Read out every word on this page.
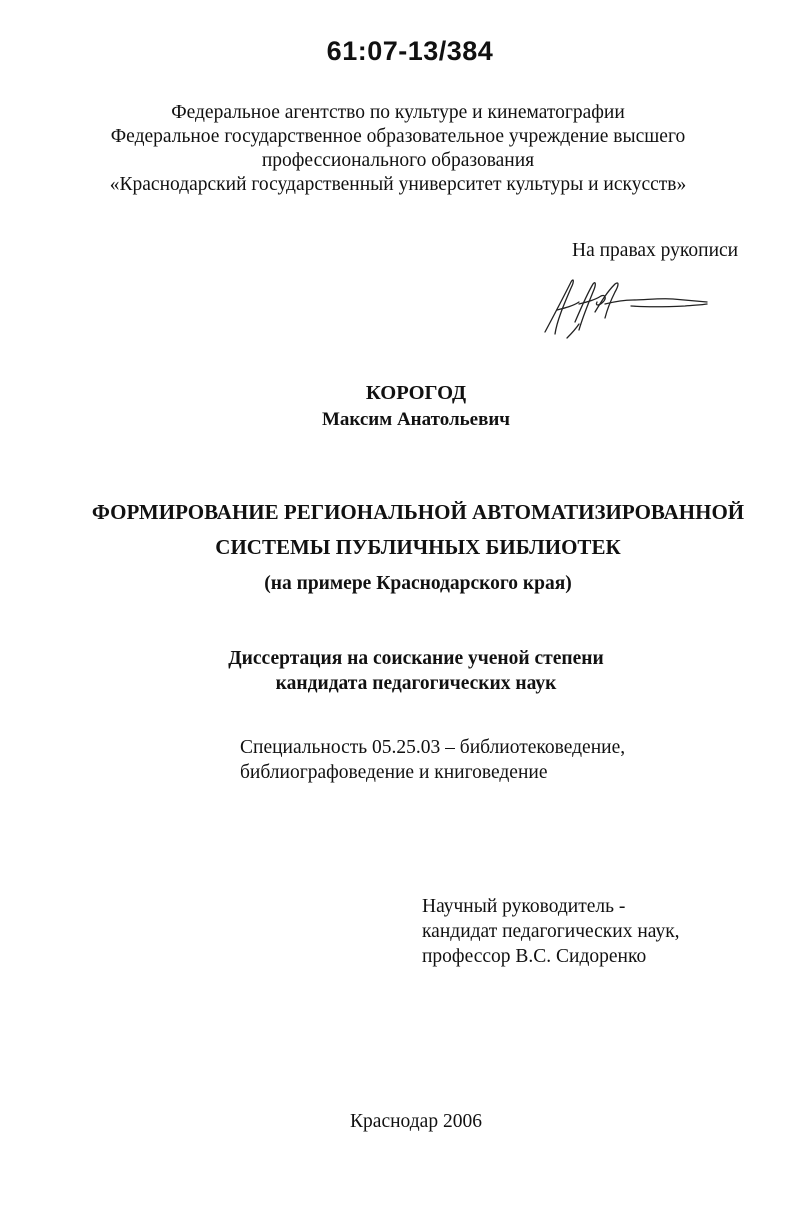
61:07-13/384

Федеральное агентство по культуре и кинематографии

Федеральное государственное образовательное учреждение высшего

профессионального образования

«Краснодарский государственный университет культуры и искусств»

На правах рукописи

КОРОГОД

Максим Анатольевич

ФОРМИРОВАНИЕ РЕГИОНАЛЬНОЙ АВТОМАТИЗИРОВАННОЙ

СИСТЕМЫ ПУБЛИЧНЫХ БИБЛИОТЕК

(на примере Краснодарского края)

Диссертация на соискание ученой степени

кандидата педагогических наук

Специальность 05.25.03 – библиотековедение,

библиографоведение и книговедение

Научный руководитель -

кандидат педагогических наук,

профессор В.С. Сидоренко

Краснодар 2006
